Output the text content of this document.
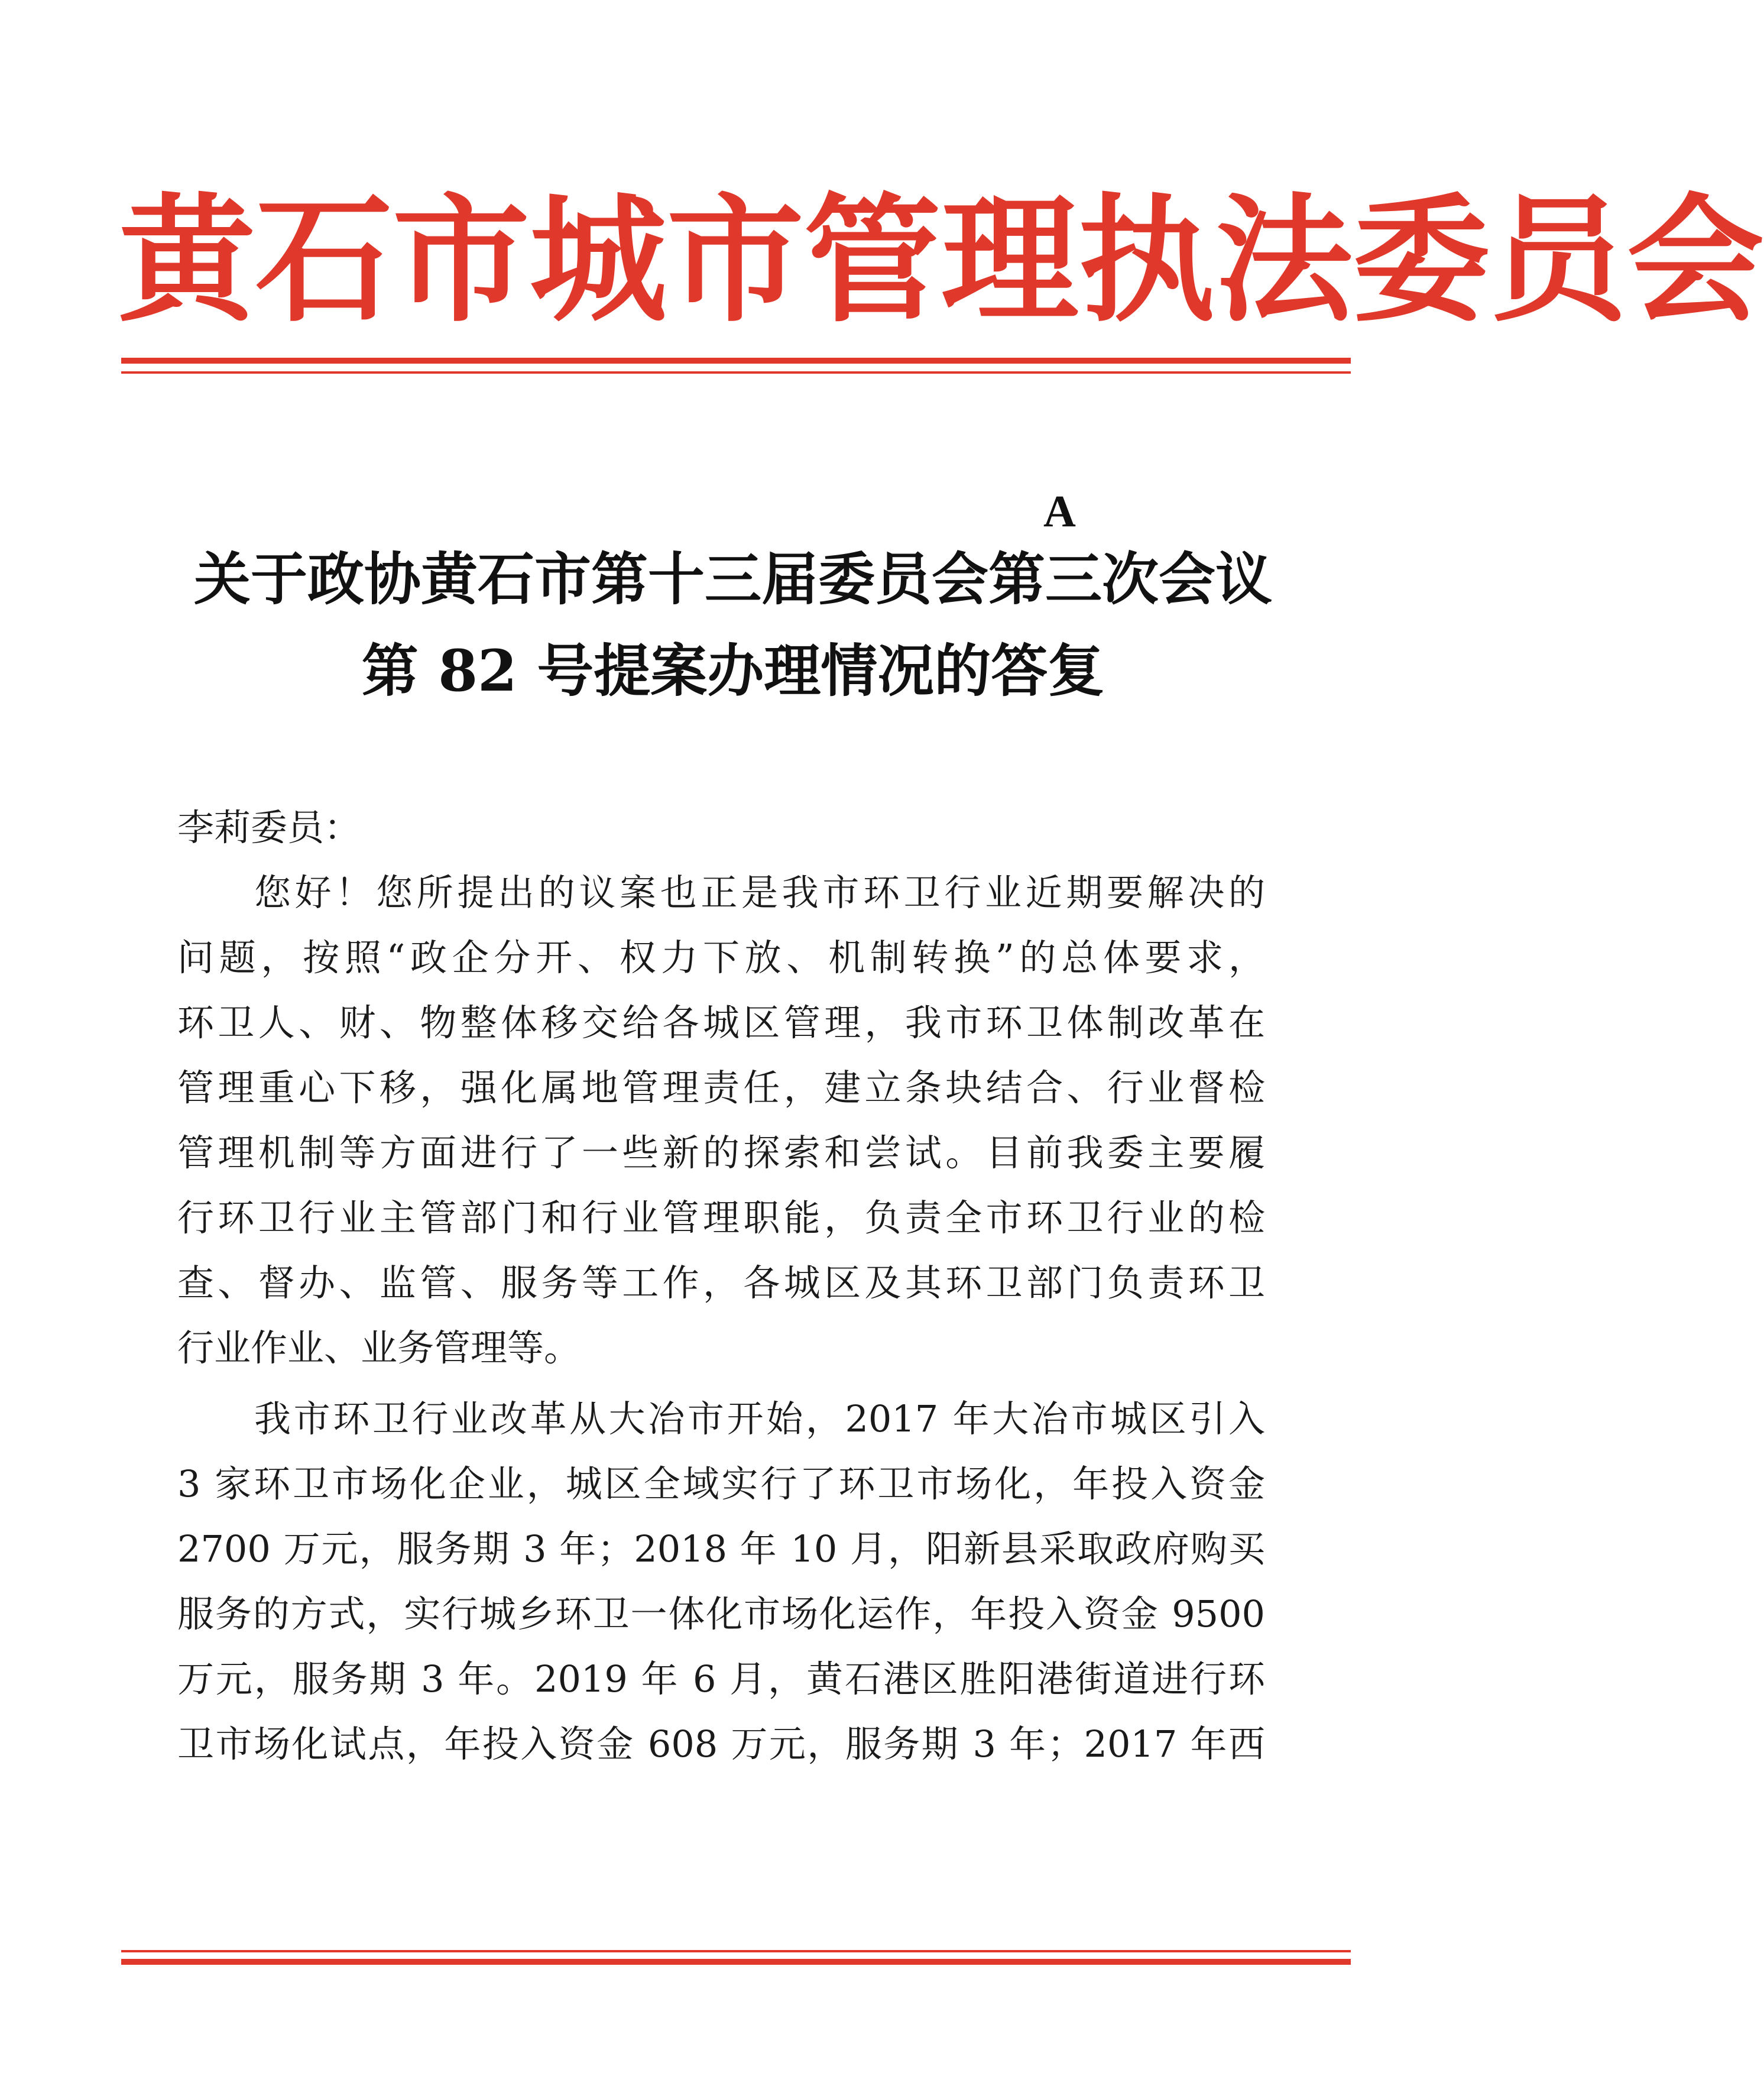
黄石市城市管理执法委员会
A
关于政协黄石市第十三届委员会第三次会议
第 82 号提案办理情况的答复
李莉委员：
您好！您所提出的议案也正是我市环卫行业近期要解决的
问题，按照“政企分开、权力下放、机制转换”的总体要求，
环卫人、财、物整体移交给各城区管理，我市环卫体制改革在
管理重心下移，强化属地管理责任，建立条块结合、行业督检
管理机制等方面进行了一些新的探索和尝试。目前我委主要履
行环卫行业主管部门和行业管理职能，负责全市环卫行业的检
查、督办、监管、服务等工作，各城区及其环卫部门负责环卫
行业作业、业务管理等。
我市环卫行业改革从大冶市开始，2017 年大冶市城区引入
3 家环卫市场化企业，城区全域实行了环卫市场化，年投入资金
2700 万元，服务期 3 年；2018 年 10 月，阳新县采取政府购买
服务的方式，实行城乡环卫一体化市场化运作，年投入资金 9500
万元，服务期 3 年。2019 年 6 月，黄石港区胜阳港街道进行环
卫市场化试点，年投入资金 608 万元，服务期 3 年；2017 年西
